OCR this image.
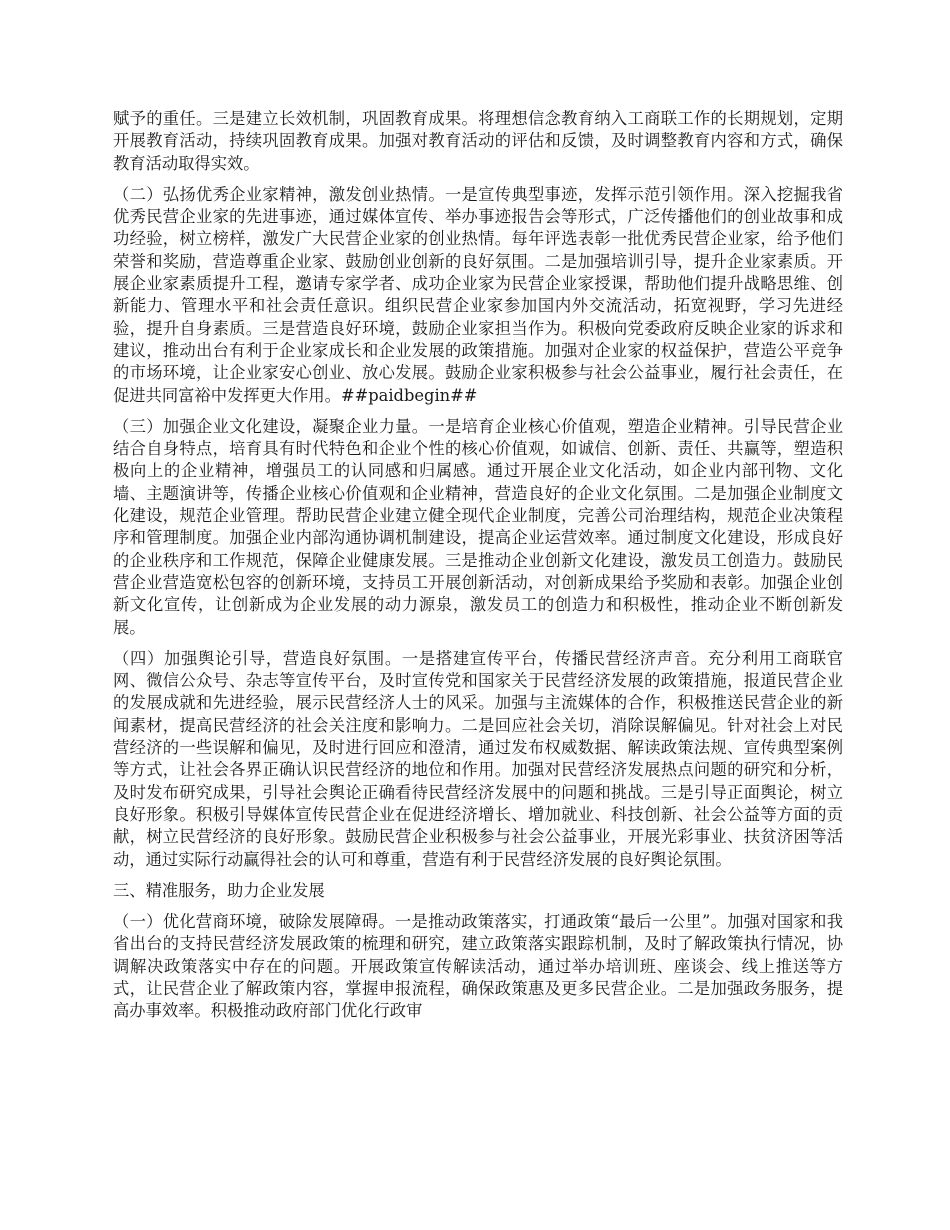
赋予的重任。三是建立长效机制，巩固教育成果。将理想信念教育纳入工商联工作的长期规划，定期开展教育活动，持续巩固教育成果。加强对教育活动的评估和反馈，及时调整教育内容和方式，确保教育活动取得实效。

（二）弘扬优秀企业家精神，激发创业热情。一是宣传典型事迹，发挥示范引领作用。深入挖掘我省优秀民营企业家的先进事迹，通过媒体宣传、举办事迹报告会等形式，广泛传播他们的创业故事和成功经验，树立榜样，激发广大民营企业家的创业热情。每年评选表彰一批优秀民营企业家，给予他们荣誉和奖励，营造尊重企业家、鼓励创业创新的良好氛围。二是加强培训引导，提升企业家素质。开展企业家素质提升工程，邀请专家学者、成功企业家为民营企业家授课，帮助他们提升战略思维、创新能力、管理水平和社会责任意识。组织民营企业家参加国内外交流活动，拓宽视野，学习先进经验，提升自身素质。三是营造良好环境，鼓励企业家担当作为。积极向党委政府反映企业家的诉求和建议，推动出台有利于企业家成长和企业发展的政策措施。加强对企业家的权益保护，营造公平竞争的市场环境，让企业家安心创业、放心发展。鼓励企业家积极参与社会公益事业，履行社会责任，在促进共同富裕中发挥更大作用。##paidbegin##

（三）加强企业文化建设，凝聚企业力量。一是培育企业核心价值观，塑造企业精神。引导民营企业结合自身特点，培育具有时代特色和企业个性的核心价值观，如诚信、创新、责任、共赢等，塑造积极向上的企业精神，增强员工的认同感和归属感。通过开展企业文化活动，如企业内部刊物、文化墙、主题演讲等，传播企业核心价值观和企业精神，营造良好的企业文化氛围。二是加强企业制度文化建设，规范企业管理。帮助民营企业建立健全现代企业制度，完善公司治理结构，规范企业决策程序和管理制度。加强企业内部沟通协调机制建设，提高企业运营效率。通过制度文化建设，形成良好的企业秩序和工作规范，保障企业健康发展。三是推动企业创新文化建设，激发员工创造力。鼓励民营企业营造宽松包容的创新环境，支持员工开展创新活动，对创新成果给予奖励和表彰。加强企业创新文化宣传，让创新成为企业发展的动力源泉，激发员工的创造力和积极性，推动企业不断创新发展。

（四）加强舆论引导，营造良好氛围。一是搭建宣传平台，传播民营经济声音。充分利用工商联官网、微信公众号、杂志等宣传平台，及时宣传党和国家关于民营经济发展的政策措施，报道民营企业的发展成就和先进经验，展示民营经济人士的风采。加强与主流媒体的合作，积极推送民营企业的新闻素材，提高民营经济的社会关注度和影响力。二是回应社会关切，消除误解偏见。针对社会上对民营经济的一些误解和偏见，及时进行回应和澄清，通过发布权威数据、解读政策法规、宣传典型案例等方式，让社会各界正确认识民营经济的地位和作用。加强对民营经济发展热点问题的研究和分析，及时发布研究成果，引导社会舆论正确看待民营经济发展中的问题和挑战。三是引导正面舆论，树立良好形象。积极引导媒体宣传民营企业在促进经济增长、增加就业、科技创新、社会公益等方面的贡献，树立民营经济的良好形象。鼓励民营企业积极参与社会公益事业，开展光彩事业、扶贫济困等活动，通过实际行动赢得社会的认可和尊重，营造有利于民营经济发展的良好舆论氛围。

三、精准服务，助力企业发展

（一）优化营商环境，破除发展障碍。一是推动政策落实，打通政策“最后一公里”。加强对国家和我省出台的支持民营经济发展政策的梳理和研究，建立政策落实跟踪机制，及时了解政策执行情况，协调解决政策落实中存在的问题。开展政策宣传解读活动，通过举办培训班、座谈会、线上推送等方式，让民营企业了解政策内容，掌握申报流程，确保政策惠及更多民营企业。二是加强政务服务，提高办事效率。积极推动政府部门优化行政审
